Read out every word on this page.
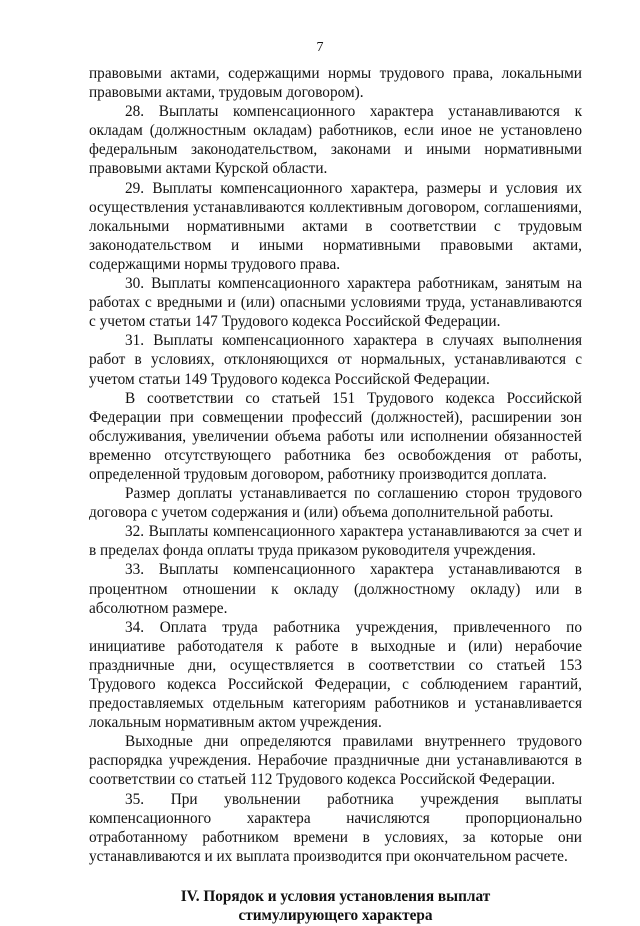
7

правовыми актами, содержащими нормы трудового права, локальными правовыми актами, трудовым договором).

28. Выплаты компенсационного характера устанавливаются к окладам (должностным окладам) работников, если иное не установлено федеральным законодательством, законами и иными нормативными правовыми актами Курской области.

29. Выплаты компенсационного характера, размеры и условия их осуществления устанавливаются коллективным договором, соглашениями, локальными нормативными актами в соответствии с трудовым законодательством и иными нормативными правовыми актами, содержащими нормы трудового права.

30. Выплаты компенсационного характера работникам, занятым на работах с вредными и (или) опасными условиями труда, устанавливаются с учетом статьи 147 Трудового кодекса Российской Федерации.

31. Выплаты компенсационного характера в случаях выполнения работ в условиях, отклоняющихся от нормальных, устанавливаются с учетом статьи 149 Трудового кодекса Российской Федерации.

В соответствии со статьей 151 Трудового кодекса Российской Федерации при совмещении профессий (должностей), расширении зон обслуживания, увеличении объема работы или исполнении обязанностей временно отсутствующего работника без освобождения от работы, определенной трудовым договором, работнику производится доплата.

Размер доплаты устанавливается по соглашению сторон трудового договора с учетом содержания и (или) объема дополнительной работы.

32. Выплаты компенсационного характера устанавливаются за счет и в пределах фонда оплаты труда приказом руководителя учреждения.

33. Выплаты компенсационного характера устанавливаются в процентном отношении к окладу (должностному окладу) или в абсолютном размере.

34. Оплата труда работника учреждения, привлеченного по инициативе работодателя к работе в выходные и (или) нерабочие праздничные дни, осуществляется в соответствии со статьей 153 Трудового кодекса Российской Федерации, с соблюдением гарантий, предоставляемых отдельным категориям работников и устанавливается локальным нормативным актом учреждения.

Выходные дни определяются правилами внутреннего трудового распорядка учреждения. Нерабочие праздничные дни устанавливаются в соответствии со статьей 112 Трудового кодекса Российской Федерации.

35. При увольнении работника учреждения выплаты компенсационного характера начисляются пропорционально отработанному работником времени в условиях, за которые они устанавливаются и их выплата производится при окончательном расчете.

IV. Порядок и условия установления выплат
стимулирующего характера
